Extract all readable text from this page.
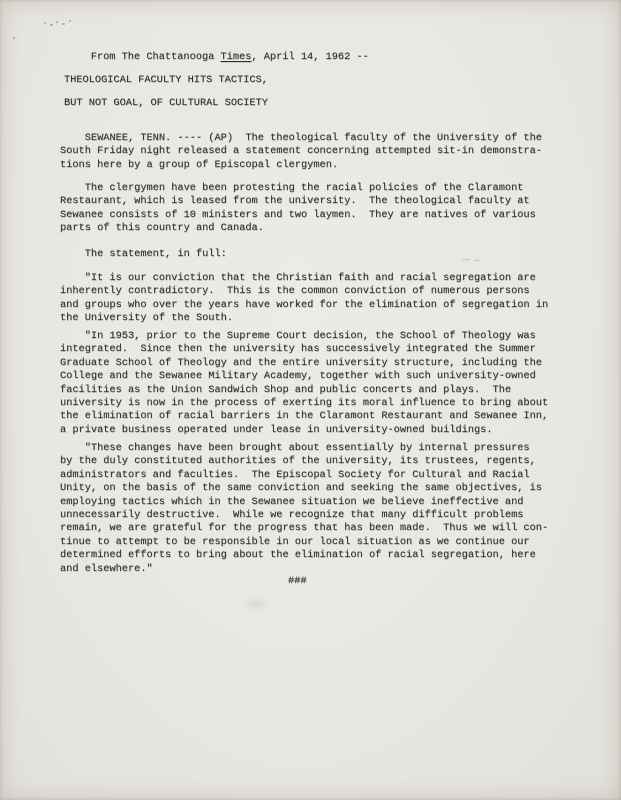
From The Chattanooga Times, April 14, 1962 --

THEOLOGICAL FACULTY HITS TACTICS,
BUT NOT GOAL, OF CULTURAL SOCIETY
SEWANEE, TENN. ---- (AP)  The theological faculty of the University of the
South Friday night released a statement concerning attempted sit-in demonstra-
tions here by a group of Episcopal clergymen.
The clergymen have been protesting the racial policies of the Claramont
Restaurant, which is leased from the university.  The theological faculty at
Sewanee consists of 10 ministers and two laymen.  They are natives of various
parts of this country and Canada.
The statement, in full:
"It is our conviction that the Christian faith and racial segregation are
inherently contradictory.  This is the common conviction of numerous persons
and groups who over the years have worked for the elimination of segregation in
the University of the South.
"In 1953, prior to the Supreme Court decision, the School of Theology was
integrated.  Since then the university has successively integrated the Summer
Graduate School of Theology and the entire university structure, including the
College and the Sewanee Military Academy, together with such university-owned
facilities as the Union Sandwich Shop and public concerts and plays.  The
university is now in the process of exerting its moral influence to bring about
the elimination of racial barriers in the Claramont Restaurant and Sewanee Inn,
a private business operated under lease in university-owned buildings.
"These changes have been brought about essentially by internal pressures
by the duly constituted authorities of the university, its trustees, regents,
administrators and faculties.  The Episcopal Society for Cultural and Racial
Unity, on the basis of the same conviction and seeking the same objectives, is
employing tactics which in the Sewanee situation we believe ineffective and
unnecessarily destructive.  While we recognize that many difficult problems
remain, we are grateful for the progress that has been made.  Thus we will con-
tinue to attempt to be responsible in our local situation as we continue our
determined efforts to bring about the elimination of racial segregation, here
and elsewhere."
###
